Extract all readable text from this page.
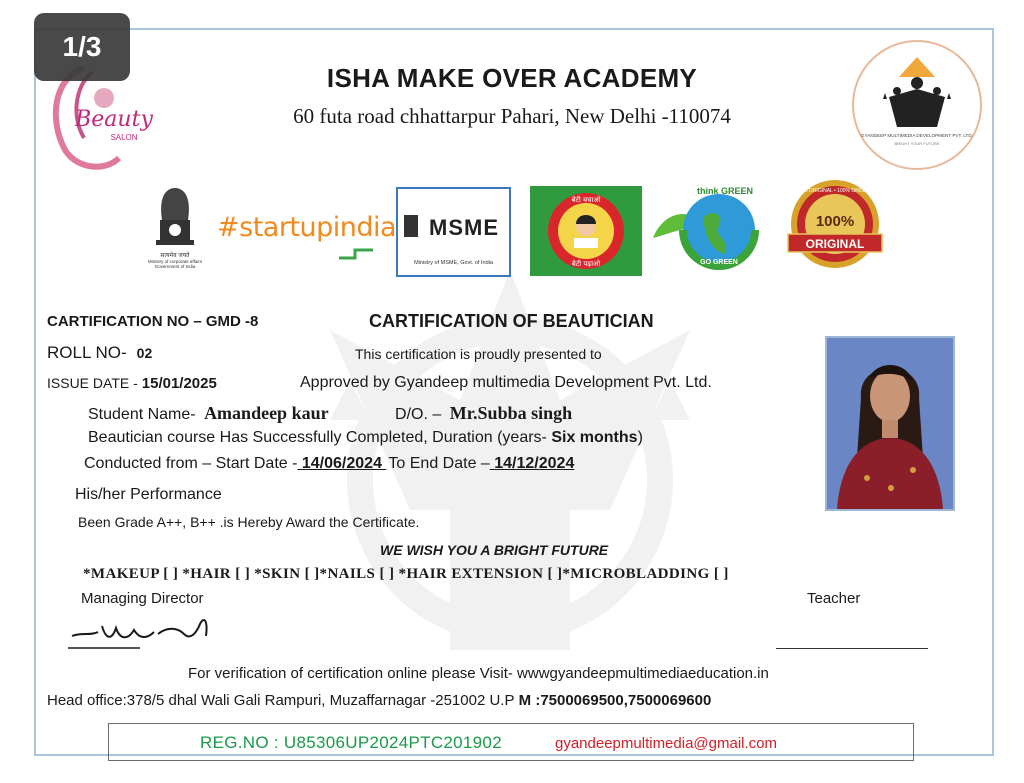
1/3
ISHA MAKE OVER ACADEMY
60 futa road chhattarpur Pahari, New Delhi -110074
Beauty
SALON	GYANDEEP MULTIMEDIA DEVELOPMENT PVT. LTD.
BRIGHT YOUR FUTURE
सत्यमेव जयते
Ministry of corporate affairs
Government of India
#startupindia MSME
Ministry of MSME, Govt. of India
बेटी बचाओ
बेटी पढ़ाओ
think GREEN
GO GREEN
100% ORIGINAL • 100% ORIGINAL
100%
ORIGINAL
CARTIFICATION NO – GMD -8	CARTIFICATION OF BEAUTICIAN
ROLL NO- 02	This certification is proudly presented to
ISSUE DATE - 15/01/2025	Approved by Gyandeep multimedia Development Pvt. Ltd.
Student Name- Amandeep kaur	D/O. – Mr.Subba singh
Beautician course Has Successfully Completed, Duration (years- Six months)
Conducted from – Start Date - 14/06/2024 To End Date – 14/12/2024
His/her Performance
Been Grade A++, B++ .is Hereby Award the Certificate.
WE WISH YOU A BRIGHT FUTURE
*MAKEUP [ ] *HAIR [ ] *SKIN [ ]*NAILS [ ] *HAIR EXTENSION [ ]*MICROBLADDING [ ]
Managing Director	Teacher
For verification of certification online please Visit- wwwgyandeepmultimediaeducation.in
Head office:378/5 dhal Wali Gali Rampuri, Muzaffarnagar -251002 U.P M :7500069500,7500069600
REG.NO : U85306UP2024PTC201902	gyandeepmultimedia@gmail.com
